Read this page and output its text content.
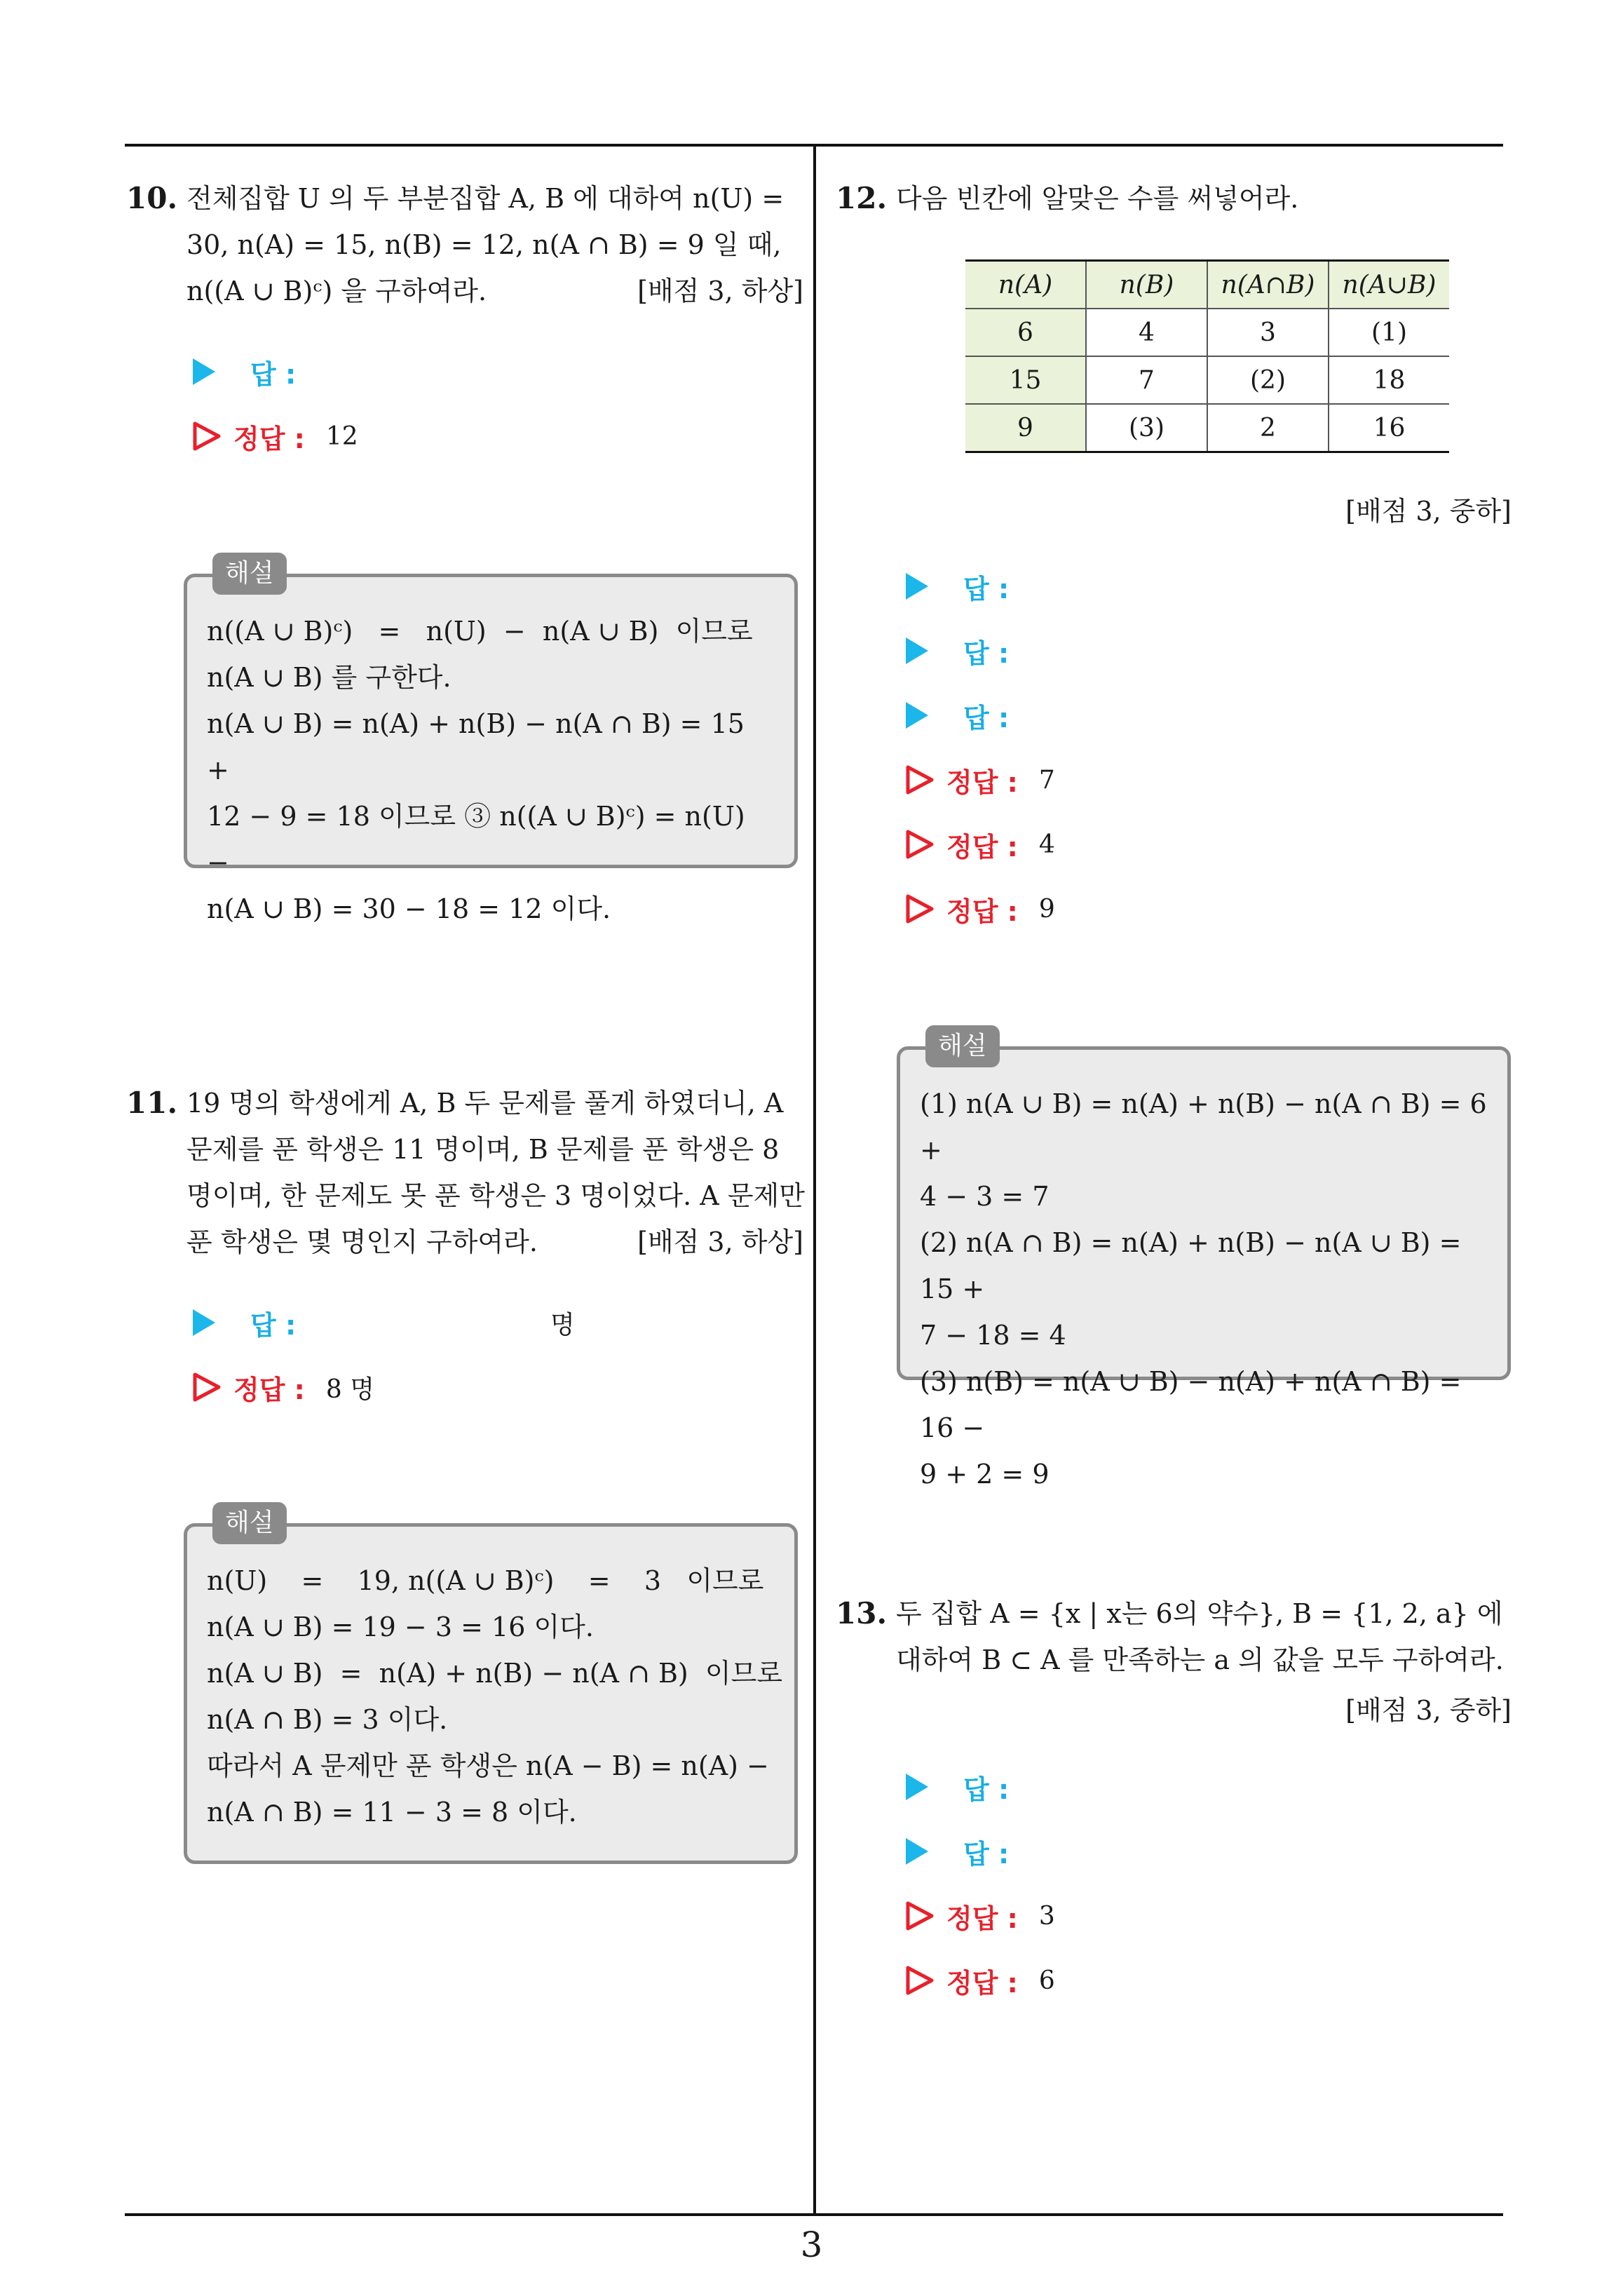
3
10. 전체집합 U 의 두 부분집합 A, B 에 대하여 n(U) =
30, n(A) = 15, n(B) = 12, n(A ∩ B) = 9 일 때,
n((A ∪ B)ᶜ) 을 구하여라.	[배점 3, 하상]
답 :
정답 : 12
n((A ∪ B)ᶜ)   =   n(U)  −  n(A ∪ B)  이므로
n(A ∪ B) 를 구한다.
n(A ∪ B) = n(A) + n(B) − n(A ∩ B) = 15 +
12 − 9 = 18 이므로 ③ n((A ∪ B)ᶜ) = n(U) −
n(A ∪ B) = 30 − 18 = 12 이다.
해설
11. 19 명의 학생에게 A, B 두 문제를 풀게 하였더니, A
문제를 푼 학생은 11 명이며, B 문제를 푼 학생은 8
명이며, 한 문제도 못 푼 학생은 3 명이었다. A 문제만
푼 학생은 몇 명인지 구하여라.	[배점 3, 하상]
답 :	명
정답 : 8 명
n(U)    =    19, n((A ∪ B)ᶜ)    =    3   이므로
n(A ∪ B) = 19 − 3 = 16 이다.
n(A ∪ B)  =  n(A) + n(B) − n(A ∩ B)  이므로
n(A ∩ B) = 3 이다.
따라서 A 문제만 푼 학생은 n(A − B) = n(A) −
n(A ∩ B) = 11 − 3 = 8 이다.
해설
12. 다음 빈칸에 알맞은 수를 써넣어라.
n(A)	n(B)	n(A∩B)	n(A∪B)
6	4	3	(1)
15	7	(2)	18
9	(3)	2	16
[배점 3, 중하]
답 :
답 :
답 :
정답 : 7
정답 : 4
정답 : 9
(1) n(A ∪ B) = n(A) + n(B) − n(A ∩ B) = 6 +
4 − 3 = 7
(2) n(A ∩ B) = n(A) + n(B) − n(A ∪ B) = 15 +
7 − 18 = 4
(3) n(B) = n(A ∪ B) − n(A) + n(A ∩ B) = 16 −
9 + 2 = 9
해설
13. 두 집합 A = {x | x는 6의 약수}, B = {1, 2, a} 에
대하여 B ⊂ A 를 만족하는 a 의 값을 모두 구하여라.
[배점 3, 중하]
답 :
답 :
정답 : 3
정답 : 6
